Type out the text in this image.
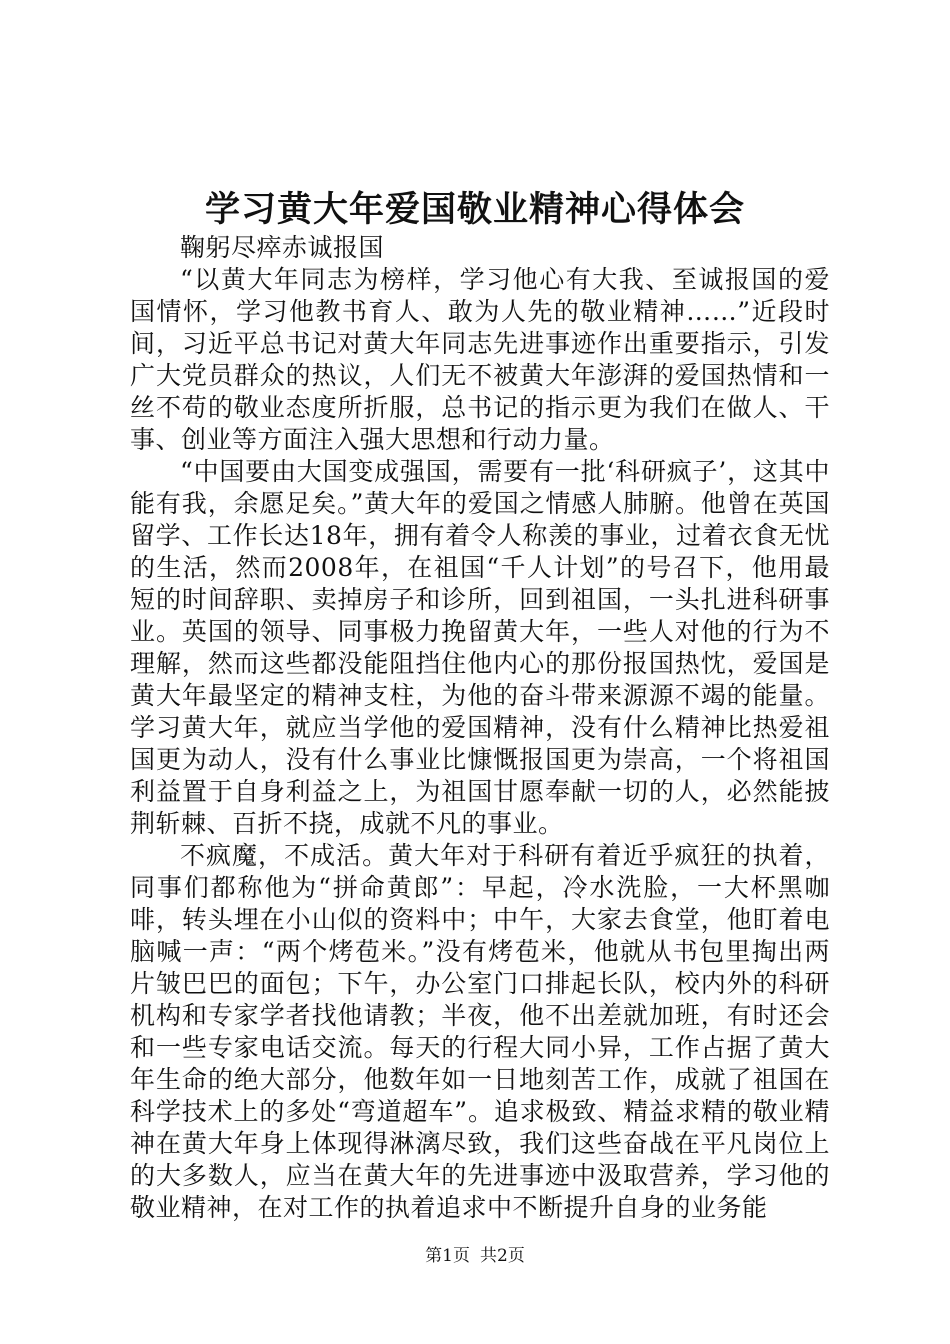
学习黄大年爱国敬业精神心得体会

鞠躬尽瘁赤诚报国

“以黄大年同志为榜样，学习他心有大我、至诚报国的爱国情怀，学习他教书育人、敢为人先的敬业精神……”近段时间，习近平总书记对黄大年同志先进事迹作出重要指示，引发广大党员群众的热议，人们无不被黄大年澎湃的爱国热情和一丝不苟的敬业态度所折服，总书记的指示更为我们在做人、干事、创业等方面注入强大思想和行动力量。

“中国要由大国变成强国，需要有一批‘科研疯子’，这其中能有我，余愿足矣。”黄大年的爱国之情感人肺腑。他曾在英国留学、工作长达18年，拥有着令人称羡的事业，过着衣食无忧的生活，然而2008年，在祖国“千人计划”的号召下，他用最短的时间辞职、卖掉房子和诊所，回到祖国，一头扎进科研事业。英国的领导、同事极力挽留黄大年，一些人对他的行为不理解，然而这些都没能阻挡住他内心的那份报国热忱，爱国是黄大年最坚定的精神支柱，为他的奋斗带来源源不竭的能量。学习黄大年，就应当学他的爱国精神，没有什么精神比热爱祖国更为动人，没有什么事业比慷慨报国更为崇高，一个将祖国利益置于自身利益之上，为祖国甘愿奉献一切的人，必然能披荆斩棘、百折不挠，成就不凡的事业。

不疯魔，不成活。黄大年对于科研有着近乎疯狂的执着，同事们都称他为“拼命黄郎”：早起，冷水洗脸，一大杯黑咖啡，转头埋在小山似的资料中；中午，大家去食堂，他盯着电脑喊一声：“两个烤苞米。”没有烤苞米，他就从书包里掏出两片皱巴巴的面包；下午，办公室门口排起长队，校内外的科研机构和专家学者找他请教；半夜，他不出差就加班，有时还会和一些专家电话交流。每天的行程大同小异，工作占据了黄大年生命的绝大部分，他数年如一日地刻苦工作，成就了祖国在科学技术上的多处“弯道超车”。追求极致、精益求精的敬业精神在黄大年身上体现得淋漓尽致，我们这些奋战在平凡岗位上的大多数人，应当在黄大年的先进事迹中汲取营养，学习他的敬业精神，在对工作的执着追求中不断提升自身的业务能

第1页 共2页
